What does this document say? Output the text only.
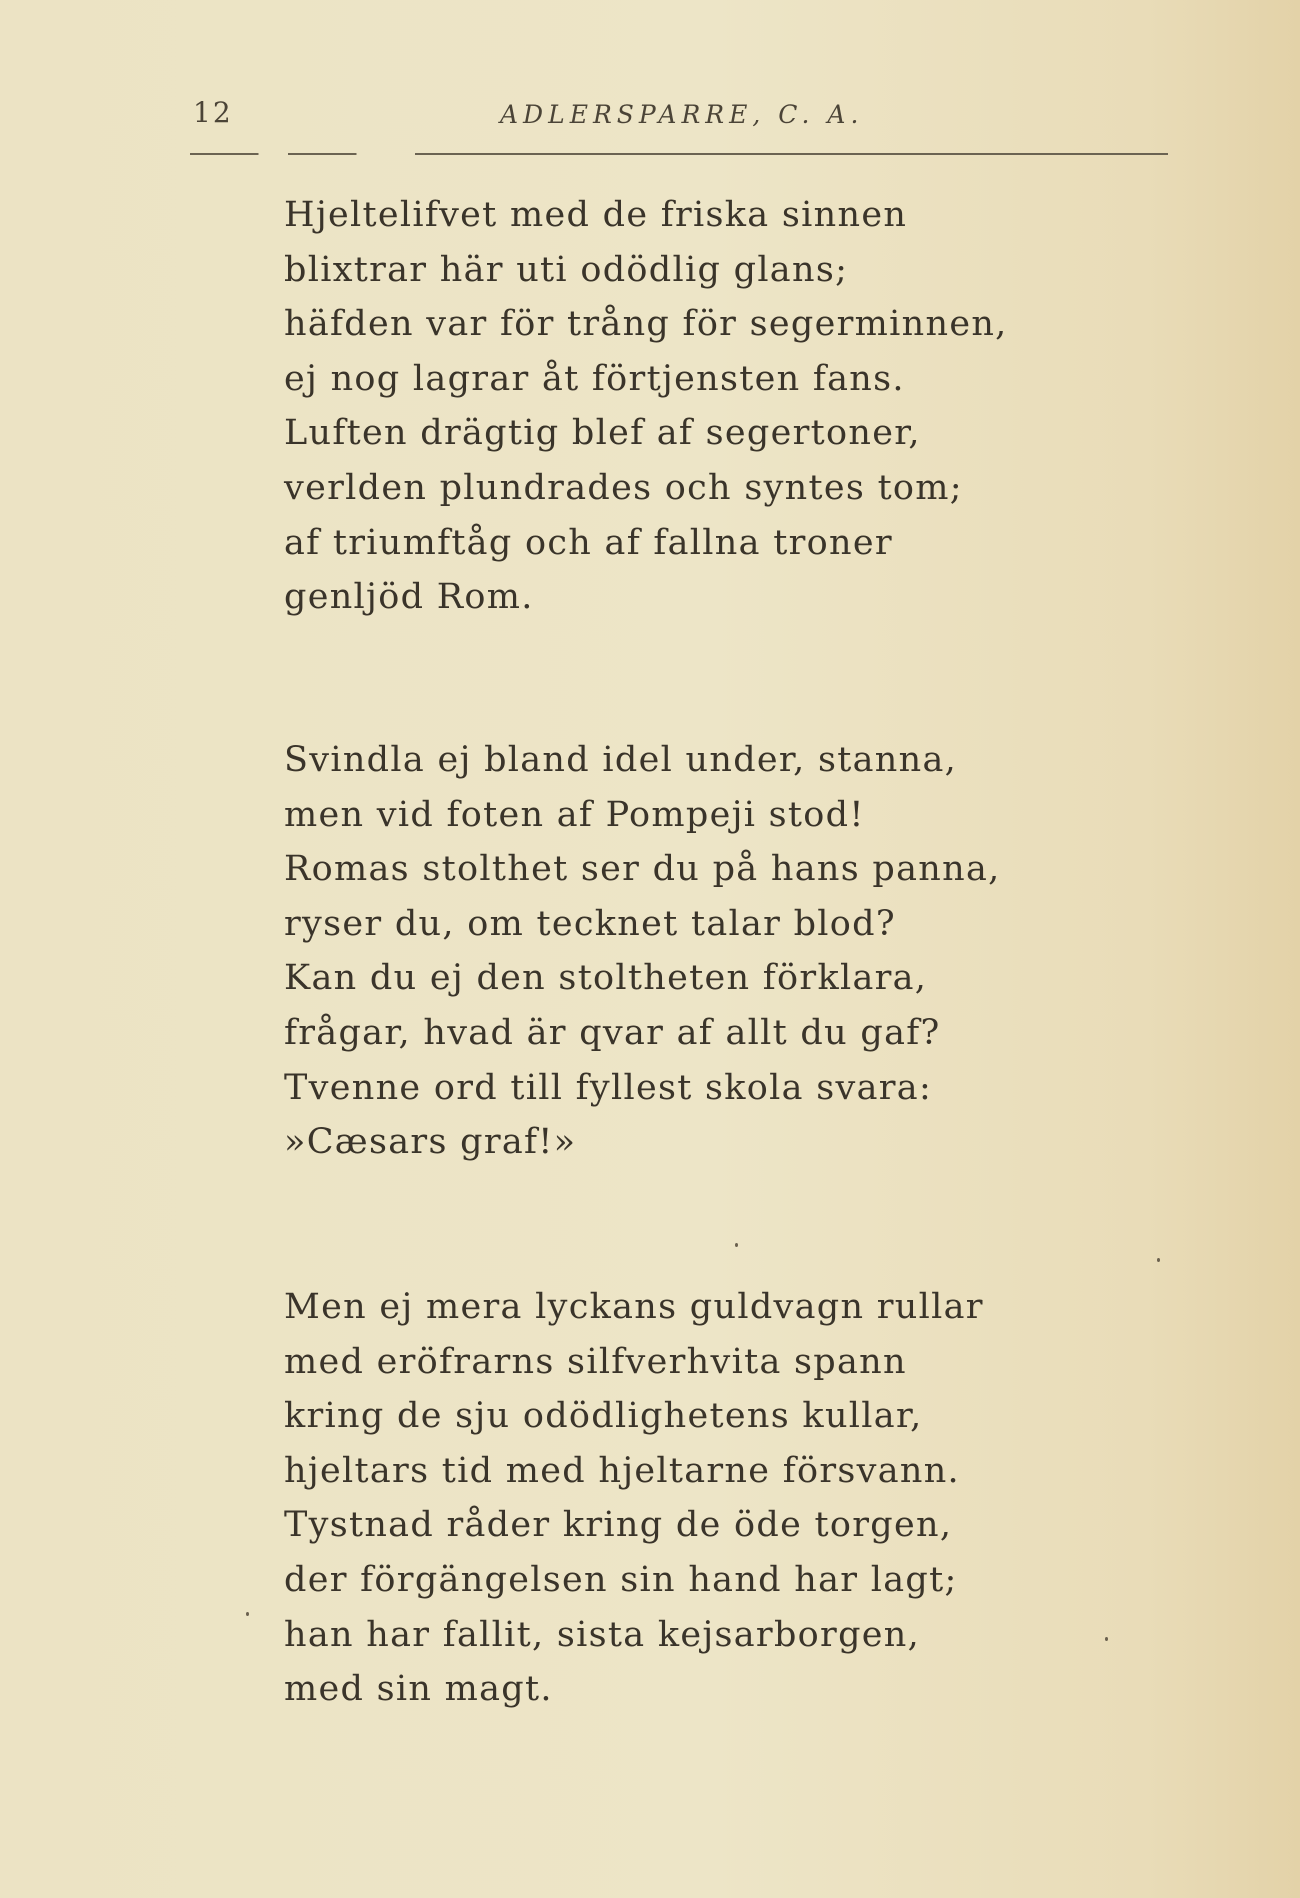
12	ADLERSPARRE, C. A.
Hjeltelifvet med de friska sinnen
blixtrar här uti odödlig glans;
häfden var för trång för segerminnen,
ej nog lagrar åt förtjensten fans.
Luften drägtig blef af segertoner,
verlden plundrades och syntes tom;
af triumftåg och af fallna troner
genljöd Rom.
Svindla ej bland idel under, stanna,
men vid foten af Pompeji stod!
Romas stolthet ser du på hans panna,
ryser du, om tecknet talar blod?
Kan du ej den stoltheten förklara,
frågar, hvad är qvar af allt du gaf?
Tvenne ord till fyllest skola svara:
»Cæsars graf!»
Men ej mera lyckans guldvagn rullar
med eröfrarns silfverhvita spann
kring de sju odödlighetens kullar,
hjeltars tid med hjeltarne försvann.
Tystnad råder kring de öde torgen,
der förgängelsen sin hand har lagt;
han har fallit, sista kejsarborgen,
med sin magt.
